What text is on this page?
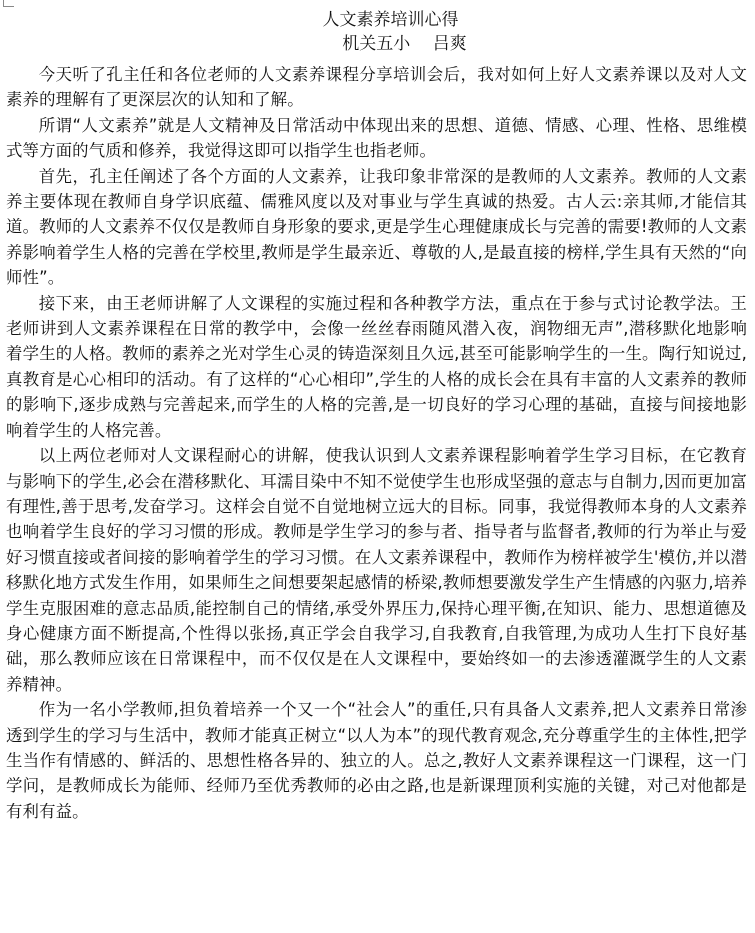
人文素养培训心得

机关五小　 吕爽

今天听了孔主任和各位老师的人文素养课程分享培训会后，我对如何上好人文素养课以及对人文素养的理解有了更深层次的认知和了解。

所谓“人文素养”就是人文精神及日常活动中体现出来的思想、道德、情感、心理、性格、思维模式等方面的气质和修养，我觉得这即可以指学生也指老师。

首先，孔主任阐述了各个方面的人文素养，让我印象非常深的是教师的人文素养。教师的人文素养主要体现在教师自身学识底蕴、儒雅风度以及对事业与学生真诚的热爱。古人云:亲其师,才能信其道。教师的人文素养不仅仅是教师自身形象的要求,更是学生心理健康成长与完善的需要!教师的人文素养影响着学生人格的完善在学校里,教师是学生最亲近、尊敬的人,是最直接的榜样,学生具有天然的“向师性”。

接下来，由王老师讲解了人文课程的实施过程和各种教学方法，重点在于参与式讨论教学法。王老师讲到人文素养课程在日常的教学中，会像一丝丝春雨随风潜入夜，润物细无声”,潜移默化地影响着学生的人格。教师的素养之光对学生心灵的铸造深刻且久远,甚至可能影响学生的一生。陶行知说过,真教育是心心相印的活动。有了这样的“心心相印”,学生的人格的成长会在具有丰富的人文素养的教师的影响下,逐步成熟与完善起来,而学生的人格的完善,是一切良好的学习心理的基础，直接与间接地影响着学生的人格完善。

以上两位老师对人文课程耐心的讲解，使我认识到人文素养课程影响着学生学习目标，在它教育与影响下的学生,必会在潜移默化、耳濡目染中不知不觉使学生也形成坚强的意志与自制力,因而更加富有理性,善于思考,发奋学习。这样会自觉不自觉地树立远大的目标。同事，我觉得教师本身的人文素养也响着学生良好的学习习惯的形成。教师是学生学习的参与者、指导者与监督者,教师的行为举止与爱好习惯直接或者间接的影响着学生的学习习惯。在人文素养课程中，教师作为榜样被学生'模仿,并以潜移默化地方式发生作用，如果师生之间想要架起感情的桥梁,教师想要激发学生产生情感的內驱力,培养学生克服困难的意志品质,能控制自己的情绪,承受外界压力,保持心理平衡,在知识、能力、思想道德及身心健康方面不断提高,个性得以张扬,真正学会自我学习,自我教育,自我管理,为成功人生打下良好基础，那么教师应该在日常课程中，而不仅仅是在人文课程中，要始终如一的去渗透灌溉学生的人文素养精神。

作为一名小学教师,担负着培养一个又一个“社会人”的重任,只有具备人文素养,把人文素养日常渗透到学生的学习与生活中，教师才能真正树立“以人为本”的现代教育观念,充分尊重学生的主体性,把学生当作有情感的、鲜活的、思想性格各异的、独立的人。总之,教好人文素养课程这一门课程，这一门学问，是教师成长为能师、经师乃至优秀教师的必由之路,也是新课理顶利实施的关键，对己对他都是有利有益。
